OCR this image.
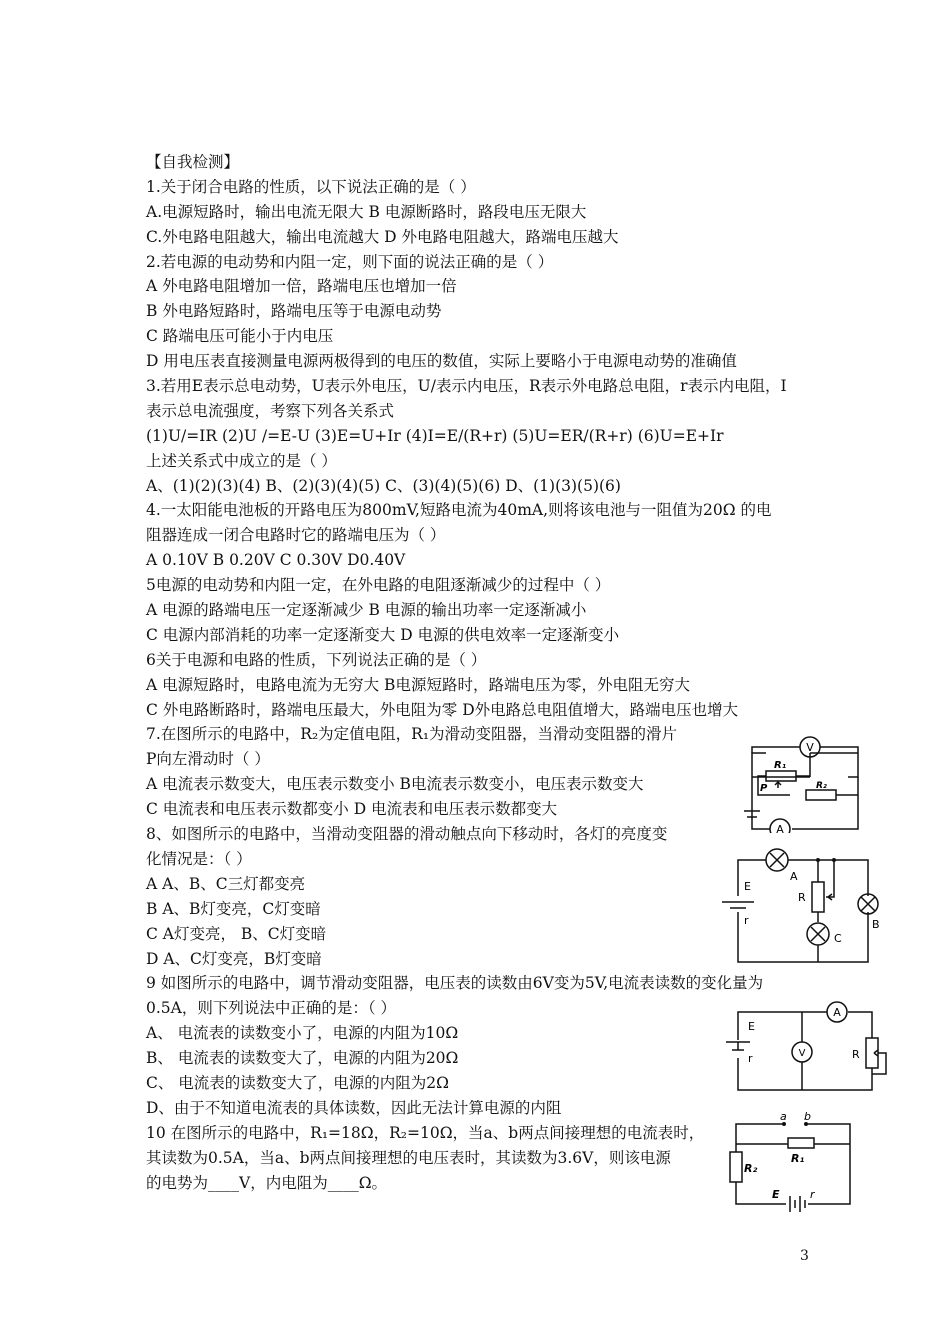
【自我检测】
1.关于闭合电路的性质，以下说法正确的是（ ）
A.电源短路时，输出电流无限大 B 电源断路时，路段电压无限大
C.外电路电阻越大，输出电流越大 D 外电路电阻越大，路端电压越大
2.若电源的电动势和内阻一定，则下面的说法正确的是（ ）
A 外电路电阻增加一倍，路端电压也增加一倍
B 外电路短路时，路端电压等于电源电动势
C 路端电压可能小于内电压
D 用电压表直接测量电源两极得到的电压的数值，实际上要略小于电源电动势的准确值
3.若用E表示总电动势，U表示外电压，U/表示内电压，R表示外电路总电阻，r表示内电阻，I
表示总电流强度，考察下列各关系式
(1)U/=IR (2)U /=E-U (3)E=U+Ir (4)I=E/(R+r) (5)U=ER/(R+r) (6)U=E+Ir
上述关系式中成立的是（ ）
A、(1)(2)(3)(4) B、(2)(3)(4)(5) C、(3)(4)(5)(6) D、(1)(3)(5)(6)
4.一太阳能电池板的开路电压为800mV,短路电流为40mA,则将该电池与一阻值为20Ω 的电
阻器连成一闭合电路时它的路端电压为（ ）
A 0.10V B 0.20V C 0.30V D0.40V
5电源的电动势和内阻一定，在外电路的电阻逐渐减少的过程中（ ）
A 电源的路端电压一定逐渐减少 B 电源的输出功率一定逐渐减小
C 电源内部消耗的功率一定逐渐变大 D 电源的供电效率一定逐渐变小
6关于电源和电路的性质，下列说法正确的是（ ）
A 电源短路时，电路电流为无穷大 B电源短路时，路端电压为零，外电阻无穷大
C 外电路断路时，路端电压最大，外电阻为零 D外电路总电阻值增大，路端电压也增大
7.在图所示的电路中，R₂为定值电阻，R₁为滑动变阻器，当滑动变阻器的滑片
P向左滑动时（ ）
A 电流表示数变大，电压表示数变小 B电流表示数变小，电压表示数变大
C 电流表和电压表示数都变小 D 电流表和电压表示数都变大
8、如图所示的电路中，当滑动变阻器的滑动触点向下移动时，各灯的亮度变
化情况是：（ ）
A A、B、C三灯都变亮
B A、B灯变亮，C灯变暗
C A灯变亮， B、C灯变暗
D A、C灯变亮，B灯变暗
9 如图所示的电路中，调节滑动变阻器，电压表的读数由6V变为5V,电流表读数的变化量为
0.5A，则下列说法中正确的是：（ ）
A、 电流表的读数变小了，电源的内阻为10Ω
B、 电流表的读数变大了，电源的内阻为20Ω
C、 电流表的读数变大了，电源的内阻为2Ω
D、由于不知道电流表的具体读数，因此无法计算电源的内阻
10 在图所示的电路中，R₁=18Ω，R₂=10Ω，当a、b两点间接理想的电流表时，
其读数为0.5A，当a、b两点间接理想的电压表时，其读数为3.6V，则该电源
的电势为____V，内电阻为____Ω。
A
V
R₁
R₂
P
E
r
A
R
C
B
E
r	V
A
R
a b
R₁
R₂
E	r
3
